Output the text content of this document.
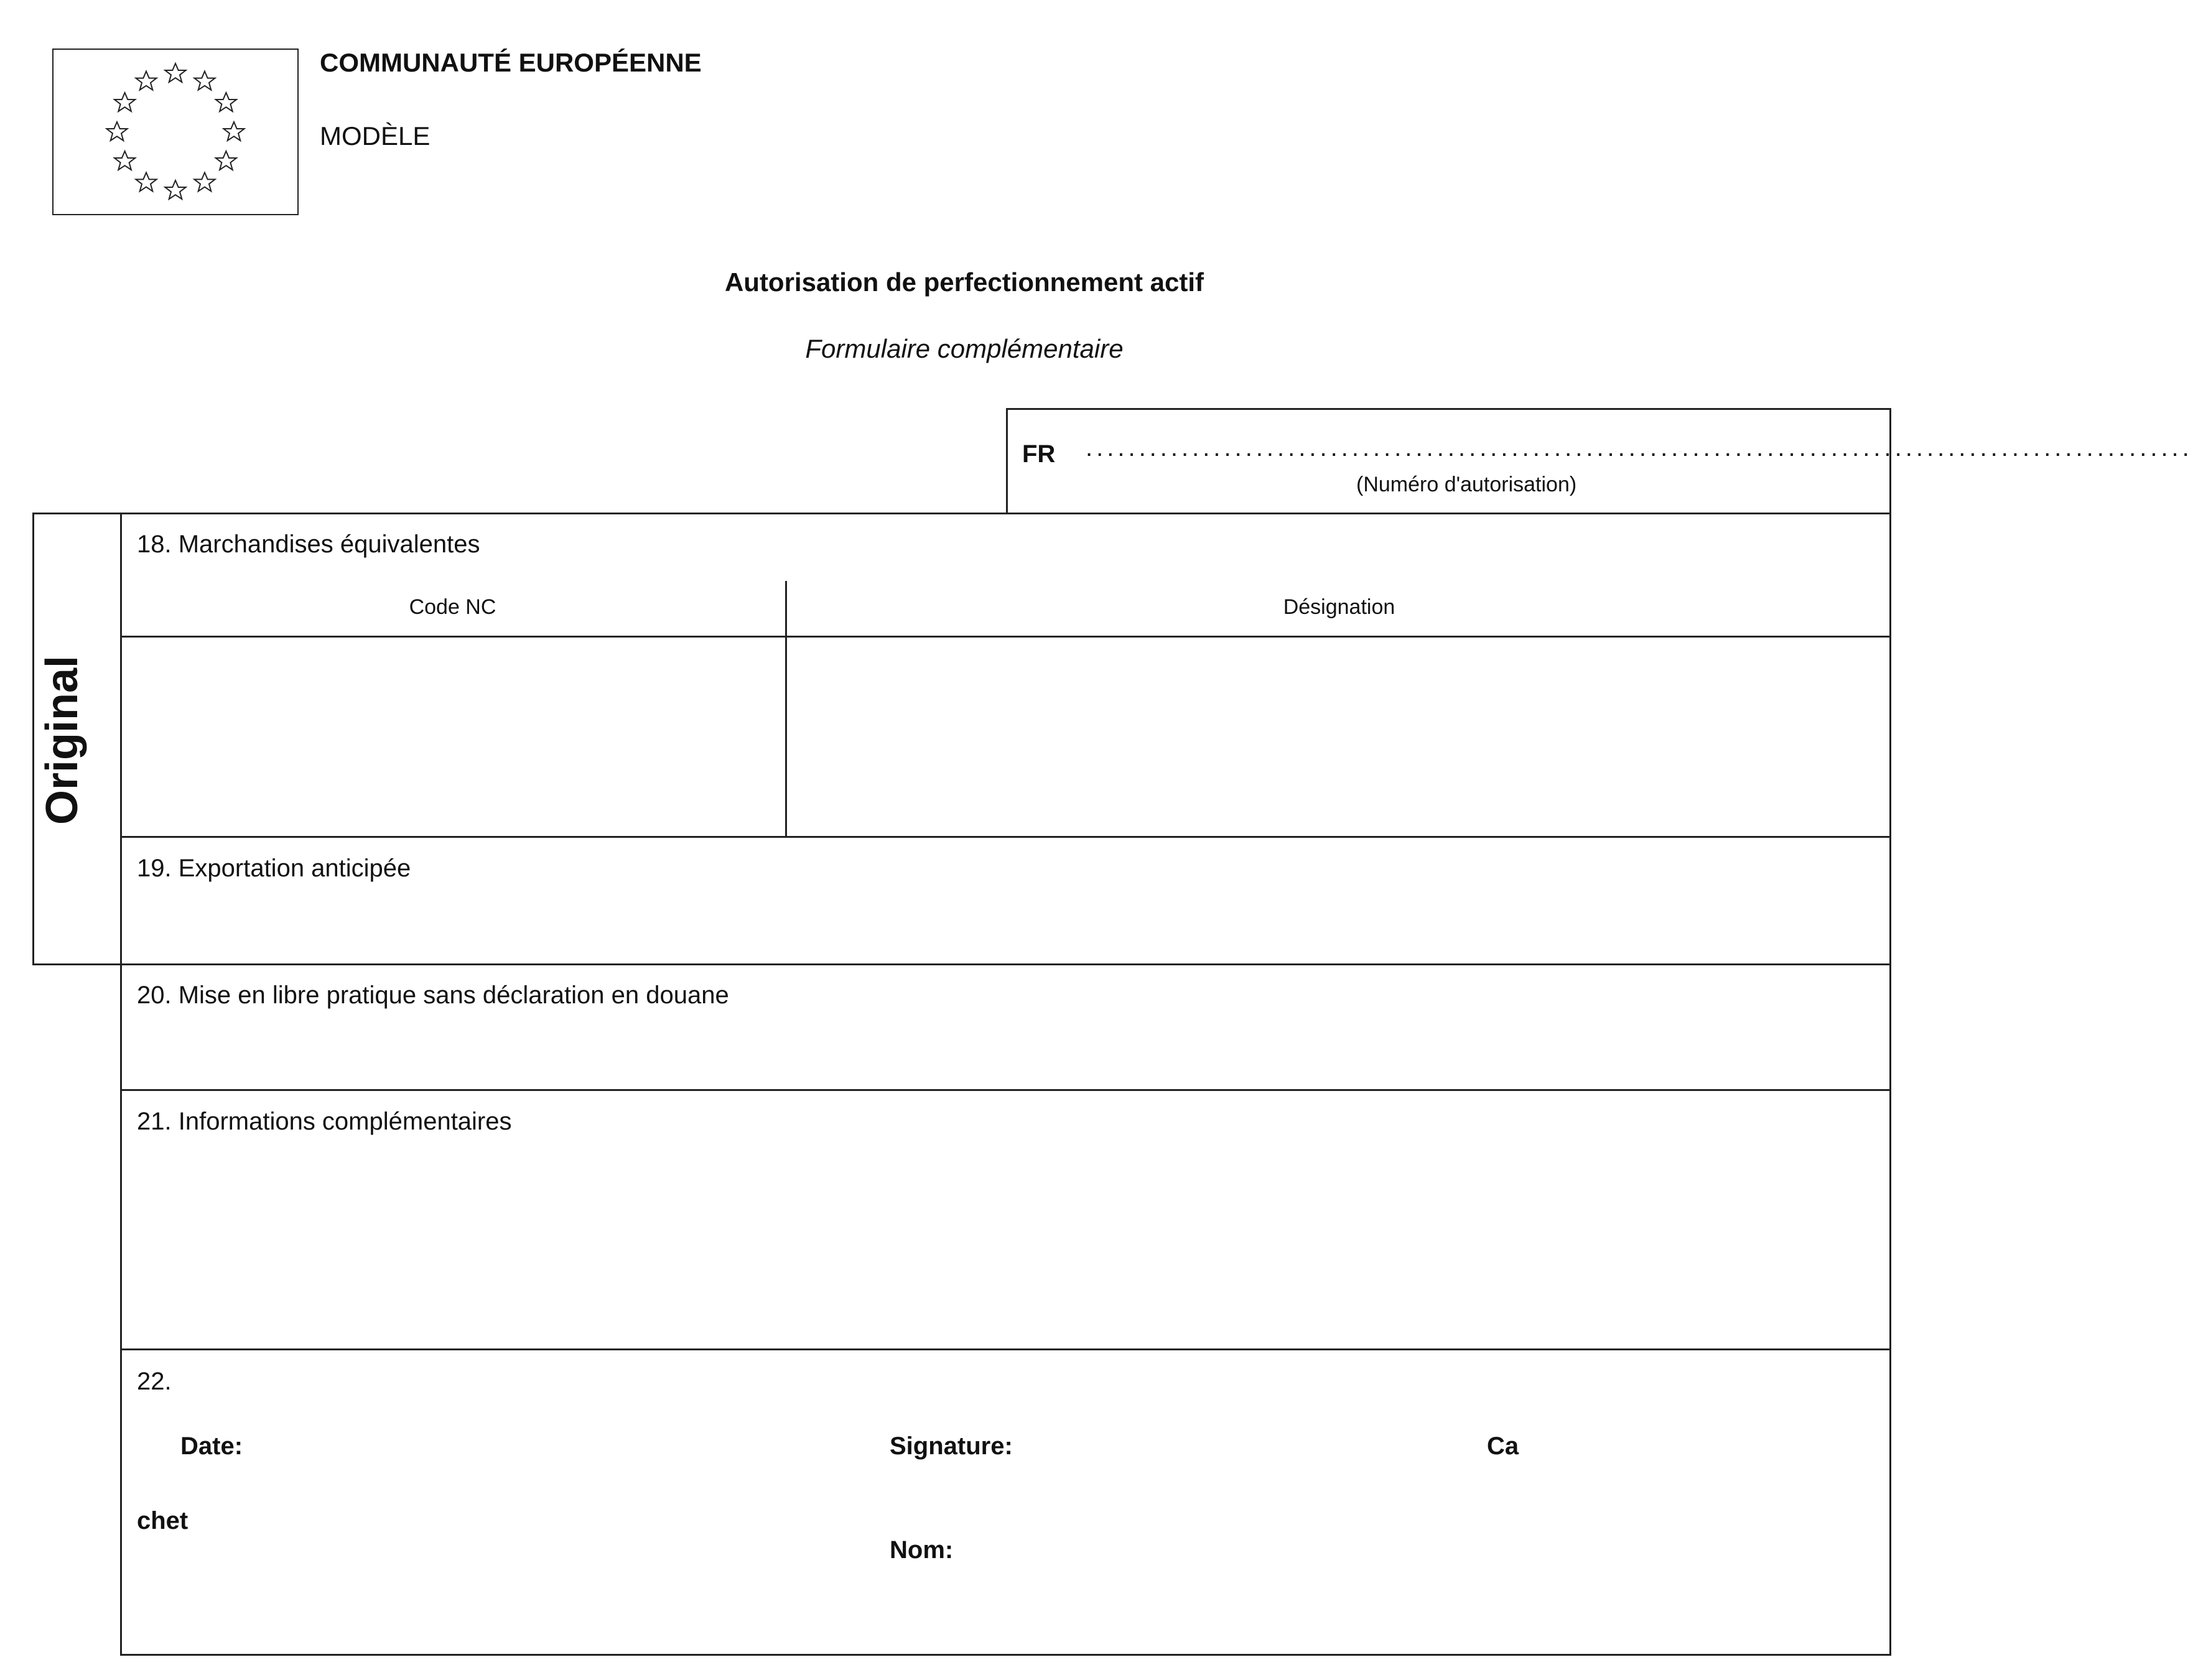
COMMUNAUTÉ EUROPÉENNE
MODÈLE
Autorisation de perfectionnement actif
Formulaire complémentaire
FR ........................................................................................................
(Numéro d'autorisation)
Original
18. Marchandises équivalentes
Code NC	Désignation
19. Exportation anticipée
20. Mise en libre pratique sans déclaration en douane
21. Informations complémentaires
22.
Date:	Signature:	Ca
chet
Nom:
